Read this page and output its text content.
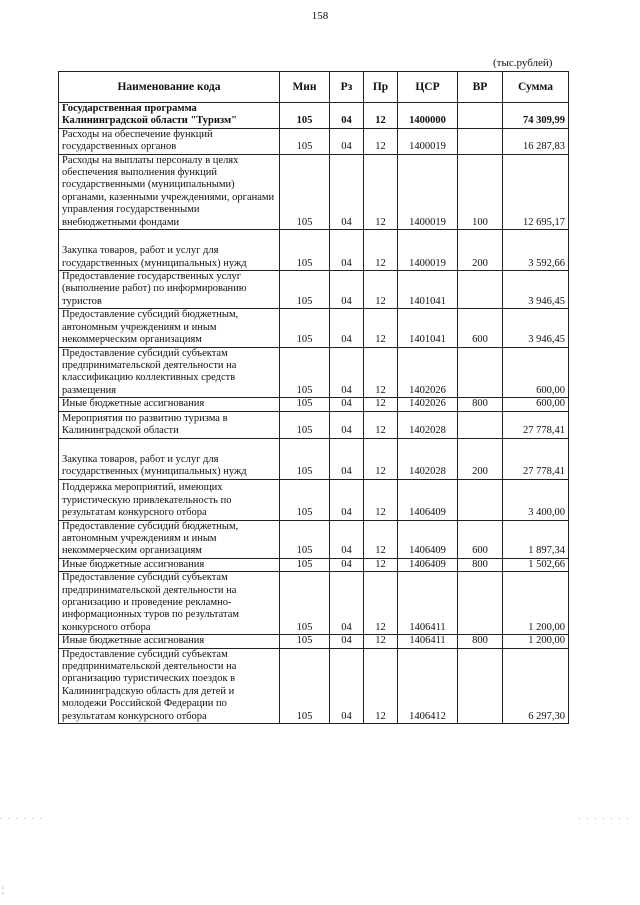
158
(тыс.рублей)
Наименование кода	Мин	Рз	Пр	ЦСР	ВР	Сумма
Государственная программа Калининградской области "Туризм"	105	04	12	1400000		74 309,99
Расходы на обеспечение функций государственных органов	105	04	12	1400019		16 287,83
Расходы на выплаты персоналу в целях обеспечения выполнения функций государственными (муниципальными) органами, казенными учреждениями, органами управления государственными внебюджетными фондами	105	04	12	1400019	100	12 695,17
Закупка товаров, работ и услуг для государственных (муниципальных) нужд	105	04	12	1400019	200	3 592,66
Предоставление государственных услуг (выполнение работ) по информированию туристов	105	04	12	1401041		3 946,45
Предоставление субсидий бюджетным, автономным учреждениям и иным некоммерческим организациям	105	04	12	1401041	600	3 946,45
Предоставление субсидий субъектам предпринимательской деятельности на классификацию коллективных средств размещения	105	04	12	1402026		600,00
Иные бюджетные ассигнования	105	04	12	1402026	800	600,00
Мероприятия по развитию туризма в Калининградской области	105	04	12	1402028		27 778,41
Закупка товаров, работ и услуг для государственных (муниципальных) нужд	105	04	12	1402028	200	27 778,41
Поддержка мероприятий, имеющих туристическую привлекательность по результатам конкурсного отбора	105	04	12	1406409		3 400,00
Предоставление субсидий бюджетным, автономным учреждениям и иным некоммерческим организациям	105	04	12	1406409	600	1 897,34
Иные бюджетные ассигнования	105	04	12	1406409	800	1 502,66
Предоставление субсидий субъектам предпринимательской деятельности на организацию и проведение рекламно-информационных туров по результатам конкурсного отбора	105	04	12	1406411		1 200,00
Иные бюджетные ассигнования	105	04	12	1406411	800	1 200,00
Предоставление субсидий субъектам предпринимательской деятельности на организацию туристических поездок в Калининградскую область для детей и молодежи Российской Федерации по результатам конкурсного отбора	105	04	12	1406412		6 297,30
. . . . . .	. . . . . . .
¦
